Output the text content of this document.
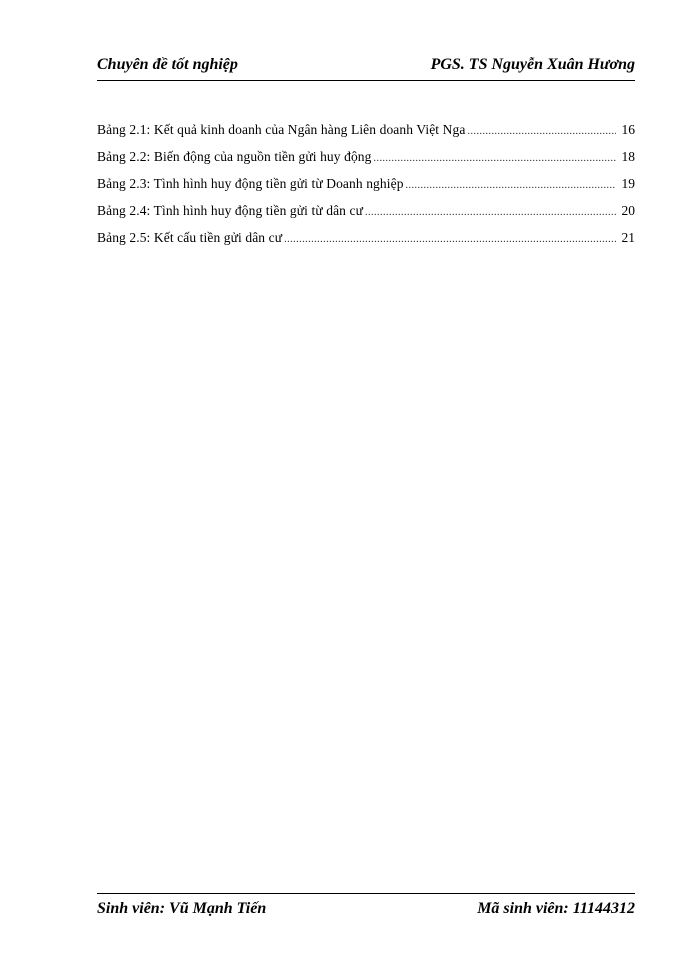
Chuyên đề tốt nghiệp	PGS. TS Nguyễn Xuân Hương
Bảng 2.1: Kết quả kinh doanh của Ngân hàng Liên doanh Việt Nga .....	16
Bảng 2.2: Biến động của nguồn tiền gửi huy động .....	18
Bảng 2.3: Tình hình huy động tiền gửi từ Doanh nghiệp .....	19
Bảng 2.4: Tình hình huy động tiền gửi từ dân cư .....	20
Bảng 2.5: Kết cấu tiền gửi dân cư .....	21
Sinh viên: Vũ Mạnh Tiến	Mã sinh viên: 11144312
